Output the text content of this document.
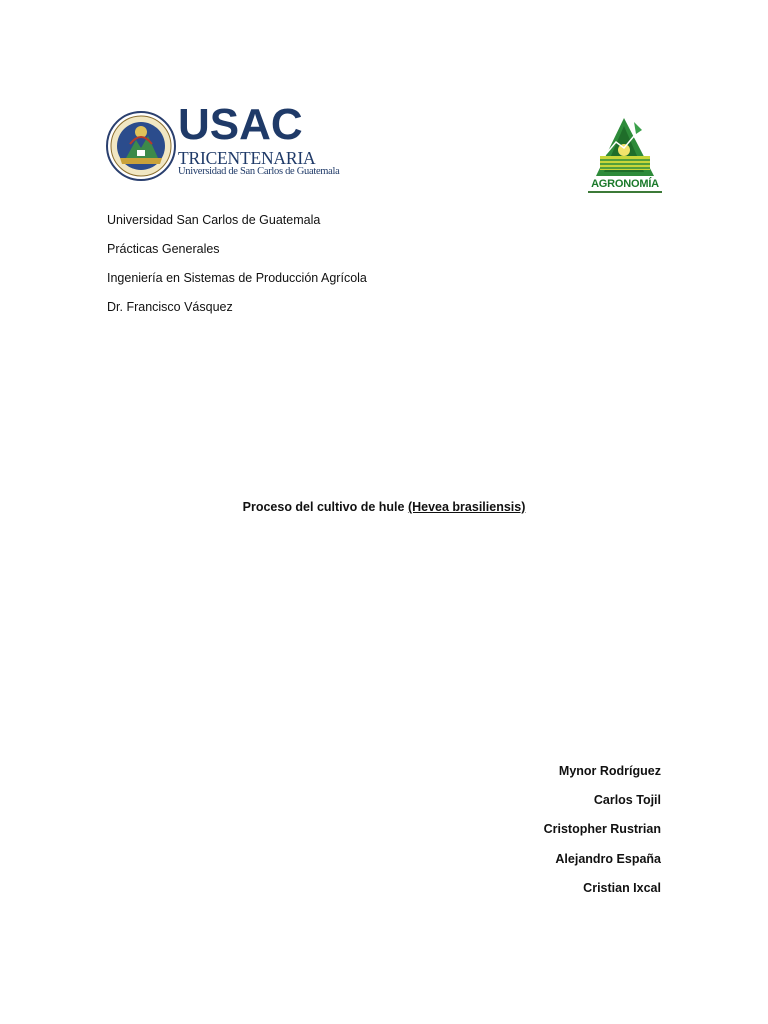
USAC
TRICENTENARIA
Universidad de San Carlos de Guatemala
AGRONOMÍA
Universidad San Carlos de Guatemala
Prácticas Generales
Ingeniería en Sistemas de Producción Agrícola
Dr. Francisco Vásquez
Proceso del cultivo de hule (Hevea brasiliensis)
Mynor Rodríguez
Carlos Tojil
Cristopher Rustrian
Alejandro España
Cristian Ixcal
